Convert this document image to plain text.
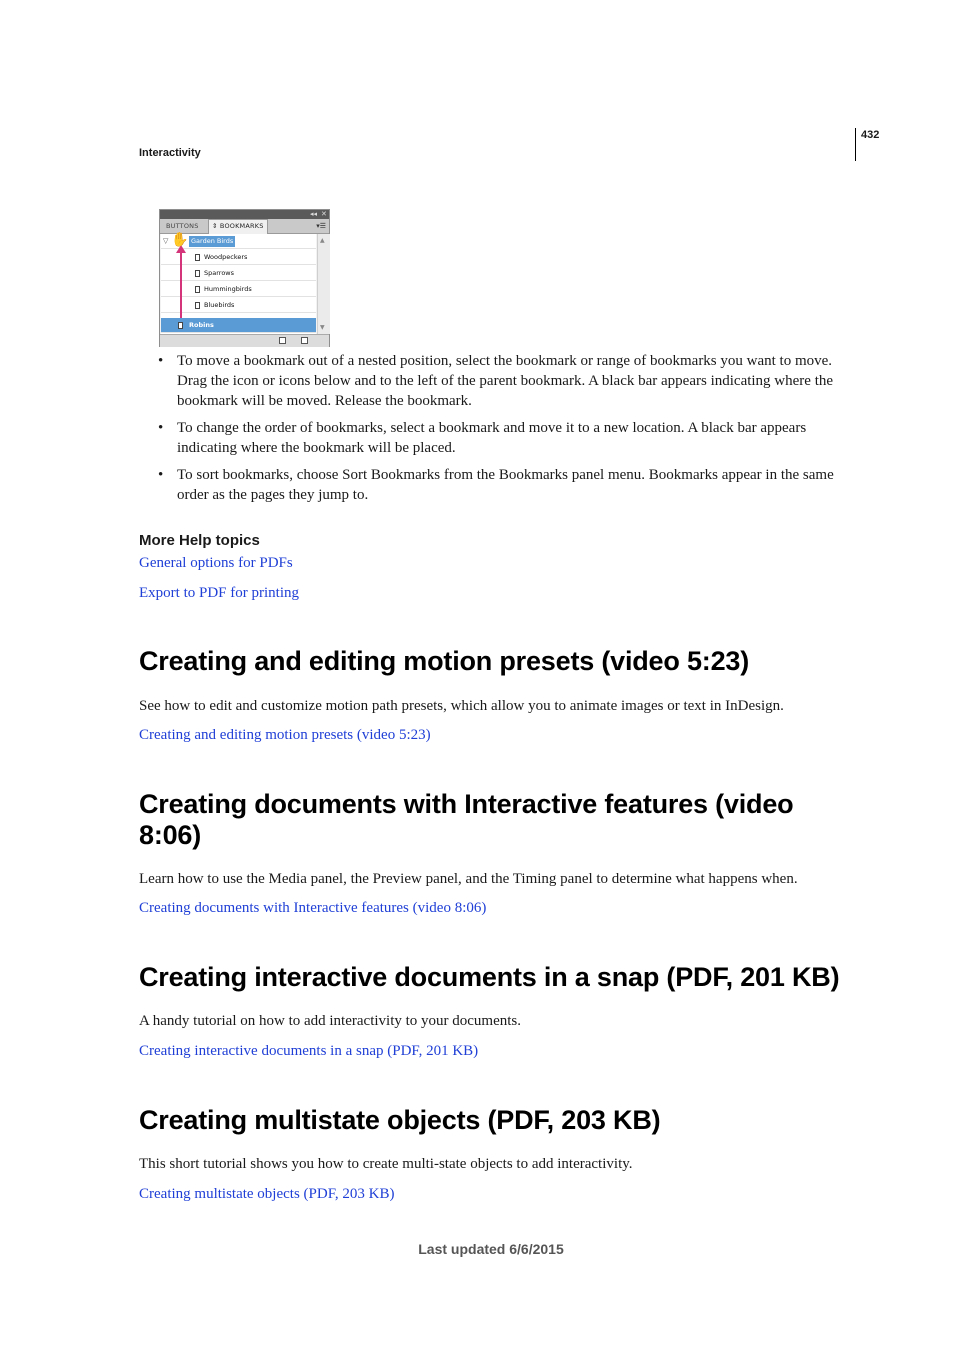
Interactivity
432
◂◂ ✕
BUTTONS	⇕ BOOKMARKS	▾☰
▽	Garden Birds
Woodpeckers
Sparrows
Hummingbirds
Bluebirds
Robins
▲
▼
✋
• To move a bookmark out of a nested position, select the bookmark or range of bookmarks you want to move. Drag the icon or icons below and to the left of the parent bookmark. A black bar appears indicating where the bookmark will be moved. Release the bookmark.
• To change the order of bookmarks, select a bookmark and move it to a new location. A black bar appears indicating where the bookmark will be placed.
• To sort bookmarks, choose Sort Bookmarks from the Bookmarks panel menu. Bookmarks appear in the same order as the pages they jump to.
More Help topics
General options for PDFs
Export to PDF for printing
Creating and editing motion presets (video 5:23)
See how to edit and customize motion path presets, which allow you to animate images or text in InDesign.
Creating and editing motion presets (video 5:23)
Creating documents with Interactive features (video 8:06)
Learn how to use the Media panel, the Preview panel, and the Timing panel to determine what happens when.
Creating documents with Interactive features (video 8:06)
Creating interactive documents in a snap (PDF, 201 KB)
A handy tutorial on how to add interactivity to your documents.
Creating interactive documents in a snap (PDF, 201 KB)
Creating multistate objects (PDF, 203 KB)
This short tutorial shows you how to create multi-state objects to add interactivity.
Creating multistate objects (PDF, 203 KB)
Last updated 6/6/2015
